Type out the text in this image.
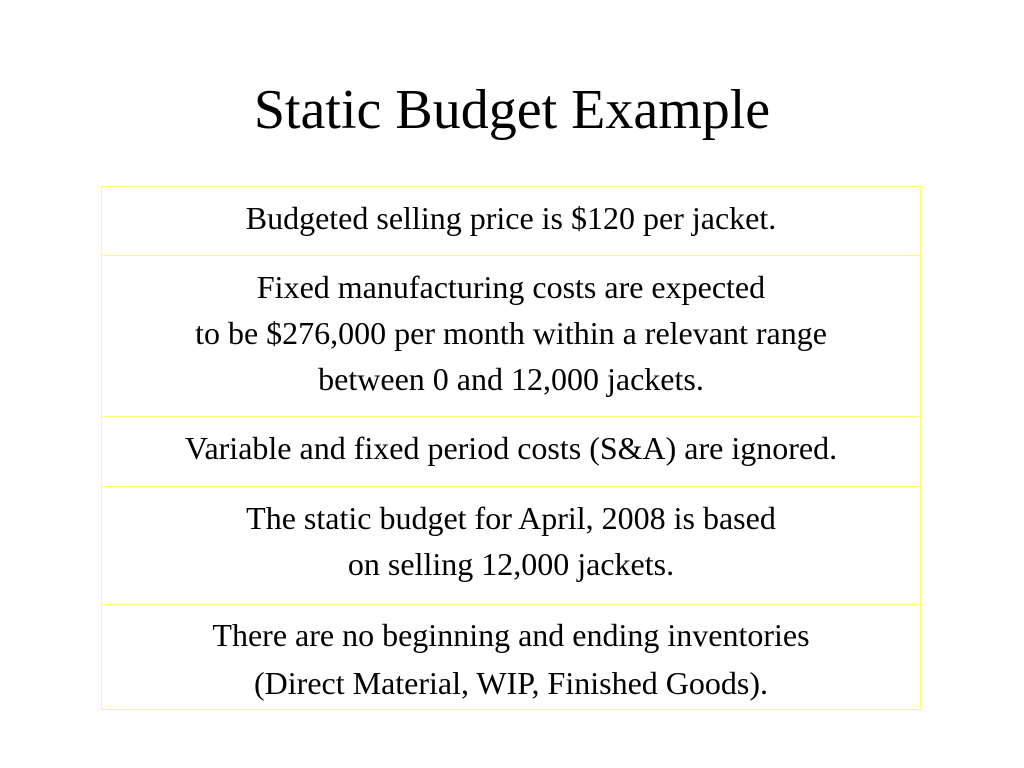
Static Budget Example
Budgeted selling price is $120 per jacket.
Fixed manufacturing costs are expected
to be $276,000 per month within a relevant range
between 0 and 12,000 jackets.
Variable and fixed period costs (S&A) are ignored.
The static budget for April, 2008 is based
on selling 12,000 jackets.
There are no beginning and ending inventories
(Direct Material, WIP, Finished Goods).
